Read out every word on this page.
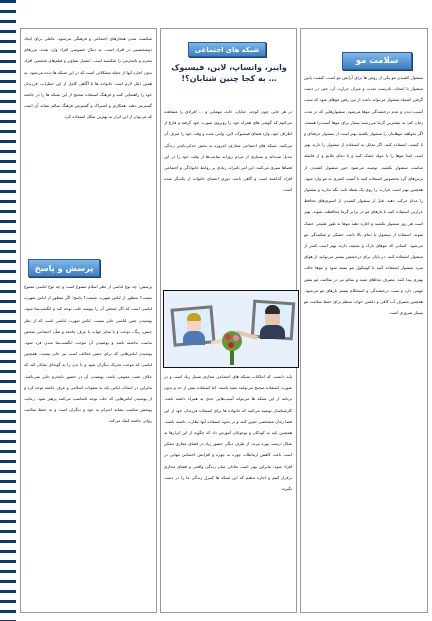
سلامت مو
سشوار کشیدن مو یکی از روش ها برای آرایش مو است. کیفیت پایین سشوار یا انتخاب نادرست شدت و میزان حرارت آن، حتی در دست گرفتن اشتباه سشوار می‌تواند باعث از بین رفتن موهای شود که سبب آسیب دیدن و عدم درخشندگی موها می‌شود. سشوارهایی که در مدت زمان کم، به بیشترین گرما می‌رسند بسیار برای موها آسیب‌زا هستند. اگر بخواهید موهایتان را سشوار بکشید بهتر است از سشوار حرفه‌ای و با کیفیت استفاده کنید. اگر تمایل به استفاده از سشوار را دارید بهتر است ابتدا موها را با حوله خشک کنید و با دمای ملایم و از فاصله مناسب سشوار بکشید. توصیه می‌شود حین سشوار کشیدن از برس‌های گرد مخصوص استفاده کنید تا آسیب کمتری به مو وارد شود. همچنین بهتر است حرارت را روی یک نقطه ثابت نگه ندارید و سشوار را مدام حرکت دهید. قبل از سشوار کشیدن از اسپری‌های محافظ حرارتی استفاده کنید تا تارهای مو در برابر گرما محافظت شوند. بهتر است هر روز سشوار نکشید و اجازه دهید موها به طور طبیعی خشک شوند. استفاده از سشوار با دمای بالا باعث خشکی و شکنندگی مو می‌شود. کسانی که موهای نازک و ضعیف دارند بهتر است کمتر از سشوار استفاده کنند. در پایان برای درخشش بیشتر می‌توانید از هوای سرد سشوار استفاده کنید تا کوتیکول مو بسته شود و موها حالت بهتری پیدا کنند. مصرف غذاهای مفید و سالم نیز در سلامت مو نقش مهمی دارد و سبب درخشندگی و استحکام بیشتر تارهای مو می‌شود. همچنین مصرف آب کافی و داشتن خواب منظم برای حفظ سلامت مو بسیار ضروری است.
شبکه های اجتماعی
وایبر، واتساپ، لاین، فیسبوک … به کجا چنین شتابان؟!
در هر جایی چون کوچه، خیابان، خانه، مهمانی و … افرادی را مشاهده می‌کنیم که گوشی های همراه خود را روبروی صورت خود گرفته و فارغ از اطراف خود، وارد فضای فیسبوک، لاین، وایبر، شده و وقت خود را صرف آن می‌کنند. شبکه های اجتماعی مجازی، امروزه به بخش جدایی‌ناپذیر زندگی تبدیل شده‌اند و بسیاری از مردم روزانه ساعت‌ها از وقت خود را در این فضاها سپری می‌کنند. این امر تاثیرات زیادی بر روابط خانوادگی و اجتماعی افراد گذاشته است و گاهی باعث دوری اعضای خانواده از یکدیگر شده است.
باید دانست که امکانات شبکه های اجتماعی مجازی بسیار زیاد است و در صورت استفاده صحیح می‌توانند مفید باشند. اما استفاده بیش از حد و بدون برنامه از این شبکه ها می‌تواند آسیب‌هایی جدی به همراه داشته باشد. کارشناسان توصیه می‌کنند که خانواده ها برای استفاده فرزندان خود از این فضا زمان مشخصی تعیین کنند و بر نحوه استفاده آنها نظارت داشته باشند. همچنین باید به کودکان و نوجوانان آموزش داد که چگونه از این ابزارها به شکل درست بهره ببرند. از طرف دیگر، حضور زیاد در فضای مجازی ممکن است باعث کاهش ارتباطات چهره به چهره و افزایش احساس تنهایی در افراد شود. بنابراین بهتر است تعادلی میان زندگی واقعی و فضای مجازی برقرار کنیم و اجازه ندهیم که این شبکه ها کنترل زندگی ما را در دست بگیرند.
شکست شدن هنجارهای اجتماعی و فرهنگی می‌شود. عاملی برای ایجاد دوشخصیتی در افراد است. به دنبال خصوصی افراد وارد شده، مرزهای محرم و نامحرمی را شکسته است. انتشار تصاویر و فیلم‌های شخصی افراد بدون اجازه آنها از جمله مشکلاتی است که در این شبکه ها دیده می‌شود. به همین دلیل لازم است خانواده ها با آگاهی کامل از این خطرات، فرزندان خود را راهنمایی کنند و فرهنگ استفاده صحیح از این شبکه ها را در جامعه گسترش دهند. همکاری و اشتراک و گسترش فرهنگ سالم نشانه آن است که می‌توان از این ابزار به بهترین شکل استفاده کرد.
پرسش و پاسخ
پرسش: چه نوع لباسی از نظر اسلام ممنوع است و چه نوع لباسی ممنوع نیست؟ منظور از لباس شهرت چیست؟ پاسخ: اگر منظور از لباس شهرت لباسی است که اگر شخص آن را بپوشد جلب توجه کند و انگشت‌نما شود، پوشیدن چنین لباسی جایز نیست. لباس شهرت لباسی است که از نظر جنس، رنگ، دوخت و یا سایر جهات با عرف جامعه و شأن اجتماعی شخص تناسب نداشته باشد و پوشیدن آن موجب انگشت‌نما شدن فرد شود. پوشیدن لباس‌هایی که برای جنس مخالف است نیز جایز نیست. همچنین لباسی که موجب تحریک دیگران شود و یا بدن را به گونه‌ای نمایان کند که خلاف عفت عمومی باشد، پوشیدن آن در حضور نامحرم جایز نمی‌باشد. بنابراین در انتخاب لباس باید به شئونات اسلامی و عرف جامعه توجه کرد و از پوشیدن لباس‌هایی که جلب توجه نامناسب می‌کنند پرهیز نمود. رعایت پوشش مناسب نشانه احترام به خود و دیگران است و به حفظ سلامت روانی جامعه کمک می‌کند.
